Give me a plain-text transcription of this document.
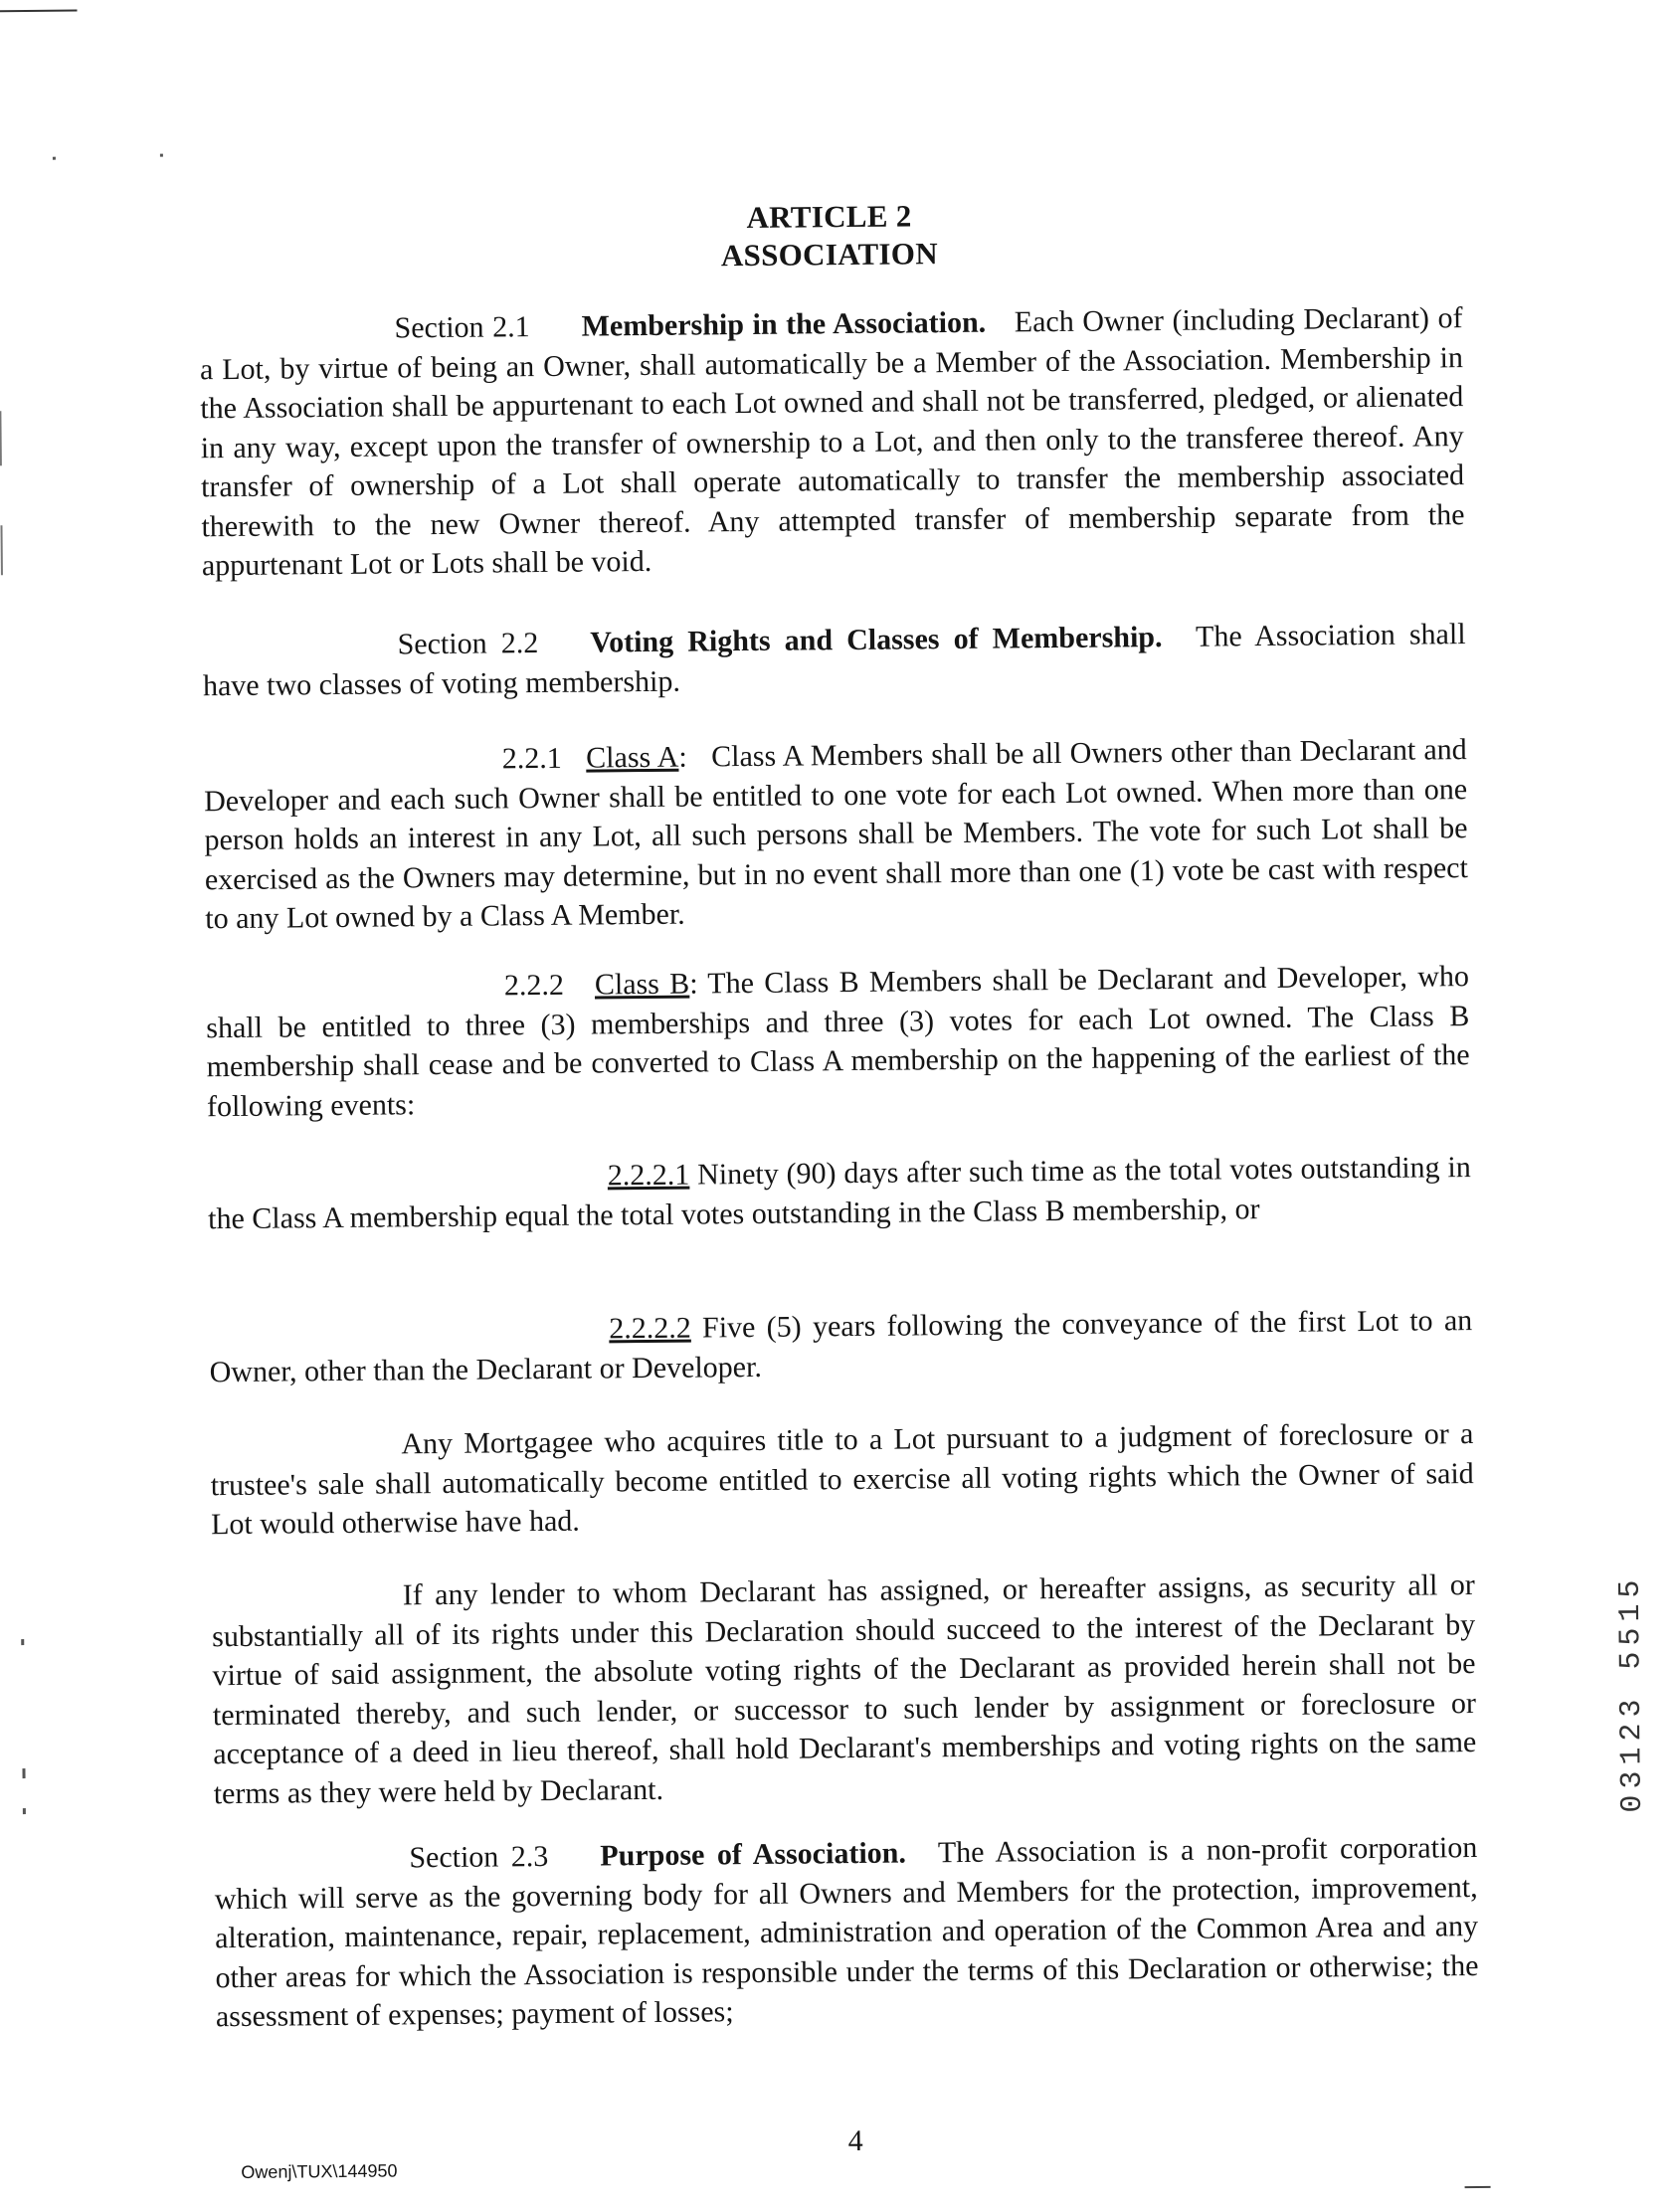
ARTICLE 2
ASSOCIATION
Section 2.1 Membership in the Association. Each Owner (including Declarant) of a Lot, by virtue of being an Owner, shall automatically be a Member of the Association. Membership in the Association shall be appurtenant to each Lot owned and shall not be transferred, pledged, or alienated in any way, except upon the transfer of ownership to a Lot, and then only to the transferee thereof. Any transfer of ownership of a Lot shall operate automatically to transfer the membership associated therewith to the new Owner thereof. Any attempted transfer of membership separate from the appurtenant Lot or Lots shall be void.
Section 2.2 Voting Rights and Classes of Membership. The Association shall have two classes of voting membership.
2.2.1 Class A:   Class A Members shall be all Owners other than Declarant and Developer and each such Owner shall be entitled to one vote for each Lot owned. When more than one person holds an interest in any Lot, all such persons shall be Members. The vote for such Lot shall be exercised as the Owners may determine, but in no event shall more than one (1) vote be cast with respect to any Lot owned by a Class A Member.
2.2.2 Class B: The Class B Members shall be Declarant and Developer, who shall be entitled to three (3) memberships and three (3) votes for each Lot owned. The Class B membership shall cease and be converted to Class A membership on the happening of the earliest of the following events:
2.2.2.1 Ninety (90) days after such time as the total votes outstanding in the Class A membership equal the total votes outstanding in the Class B membership, or
2.2.2.2 Five (5) years following the conveyance of the first Lot to an Owner, other than the Declarant or Developer.
Any Mortgagee who acquires title to a Lot pursuant to a judgment of foreclosure or a trustee's sale shall automatically become entitled to exercise all voting rights which the Owner of said Lot would otherwise have had.
If any lender to whom Declarant has assigned, or hereafter assigns, as security all or substantially all of its rights under this Declaration should succeed to the interest of the Declarant by virtue of said assignment, the absolute voting rights of the Declarant as provided herein shall not be terminated thereby, and such lender, or successor to such lender by assignment or foreclosure or acceptance of a deed in lieu thereof, shall hold Declarant's memberships and voting rights on the same terms as they were held by Declarant.
Section 2.3 Purpose of Association. The Association is a non-profit corporation which will serve as the governing body for all Owners and Members for the protection, improvement, alteration, maintenance, repair, replacement, administration and operation of the Common Area and any other areas for which the Association is responsible under the terms of this Declaration or otherwise; the assessment of expenses; payment of losses;
4
Owenj\TUX\144950
03123 5515
